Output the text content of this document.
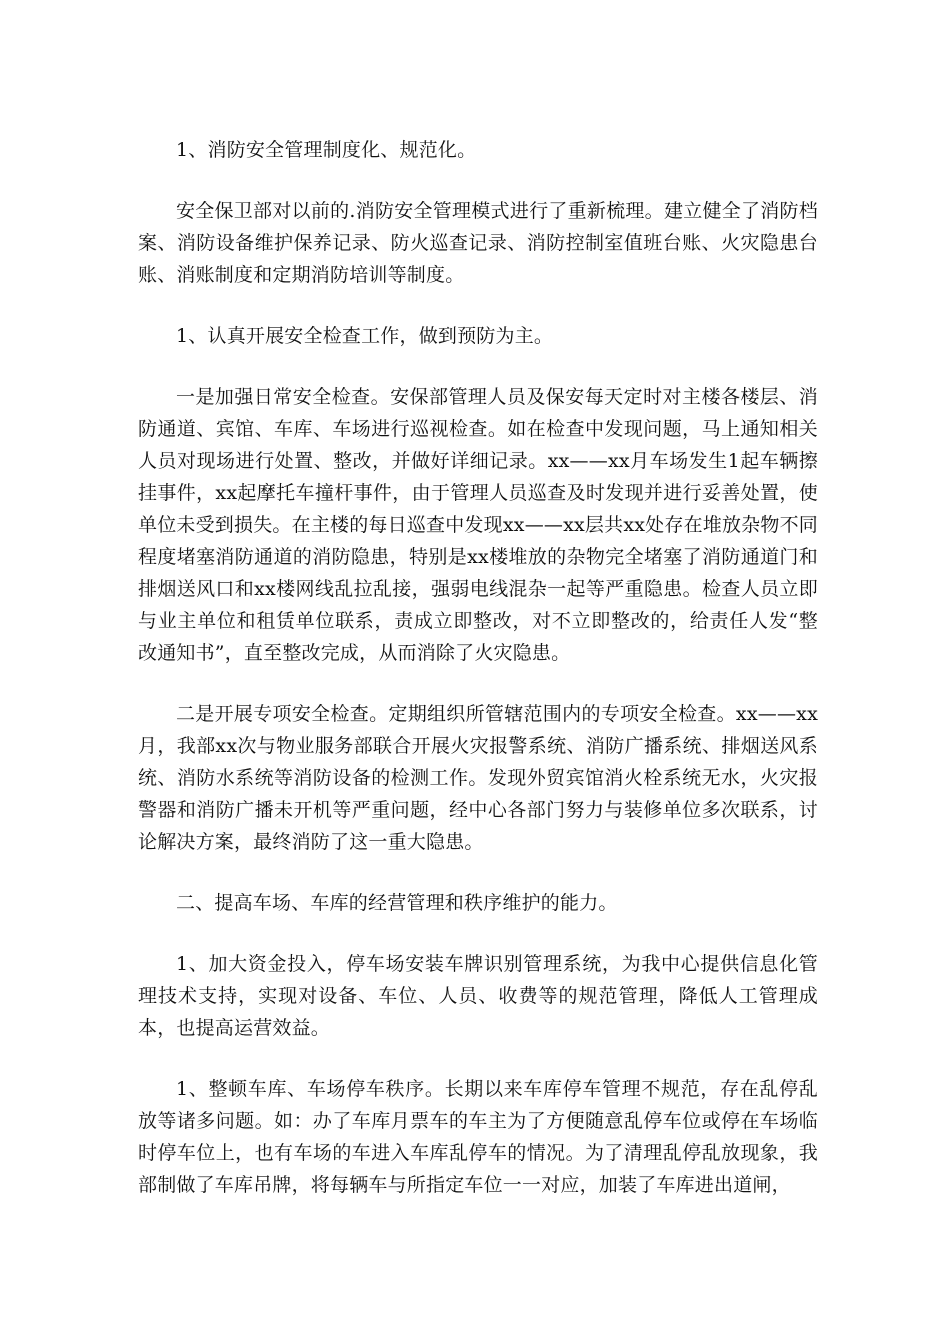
1、消防安全管理制度化、规范化。

安全保卫部对以前的.消防安全管理模式进行了重新梳理。建立健全了消防档案、消防设备维护保养记录、防火巡查记录、消防控制室值班台账、火灾隐患台账、消账制度和定期消防培训等制度。

1、认真开展安全检查工作，做到预防为主。

一是加强日常安全检查。安保部管理人员及保安每天定时对主楼各楼层、消防通道、宾馆、车库、车场进行巡视检查。如在检查中发现问题，马上通知相关人员对现场进行处置、整改，并做好详细记录。xx——xx月车场发生1起车辆擦挂事件，xx起摩托车撞杆事件，由于管理人员巡查及时发现并进行妥善处置，使单位未受到损失。在主楼的每日巡查中发现xx——xx层共xx处存在堆放杂物不同程度堵塞消防通道的消防隐患，特别是xx楼堆放的杂物完全堵塞了消防通道门和排烟送风口和xx楼网线乱拉乱接，强弱电线混杂一起等严重隐患。检查人员立即与业主单位和租赁单位联系，责成立即整改，对不立即整改的，给责任人发“整改通知书”，直至整改完成，从而消除了火灾隐患。

二是开展专项安全检查。定期组织所管辖范围内的专项安全检查。xx——xx月，我部xx次与物业服务部联合开展火灾报警系统、消防广播系统、排烟送风系统、消防水系统等消防设备的检测工作。发现外贸宾馆消火栓系统无水，火灾报警器和消防广播未开机等严重问题，经中心各部门努力与装修单位多次联系，讨论解决方案，最终消防了这一重大隐患。

二、提高车场、车库的经营管理和秩序维护的能力。

1、加大资金投入，停车场安装车牌识别管理系统，为我中心提供信息化管理技术支持，实现对设备、车位、人员、收费等的规范管理，降低人工管理成本，也提高运营效益。

1、整顿车库、车场停车秩序。长期以来车库停车管理不规范，存在乱停乱放等诸多问题。如：办了车库月票车的车主为了方便随意乱停车位或停在车场临时停车位上，也有车场的车进入车库乱停车的情况。为了清理乱停乱放现象，我部制做了车库吊牌，将每辆车与所指定车位一一对应，加装了车库进出道闸，
